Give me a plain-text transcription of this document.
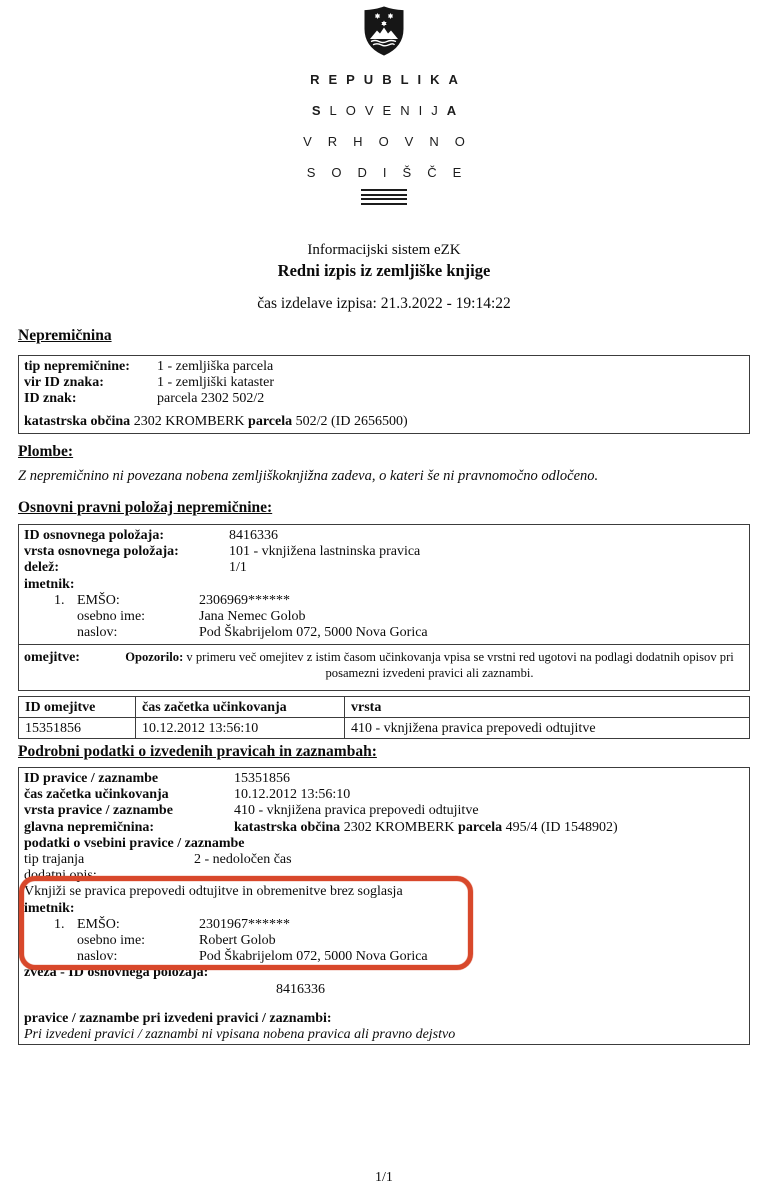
REPUBLIKA
SLOVENIJA
VRHOVNO
SODIŠČE
Informacijski sistem eZK
Redni izpis iz zemljiške knjige
čas izdelave izpisa: 21.3.2022 - 19:14:22
Nepremičnina
tip nepremičnine:	1 - zemljiška parcela
vir ID znaka:	1 - zemljiški kataster
ID znak:	parcela 2302 502/2
katastrska občina 2302 KROMBERK parcela 502/2 (ID 2656500)
Plombe:
Z nepremičnino ni povezana nobena zemljiškoknjižna zadeva, o kateri še ni pravnomočno odločeno.
Osnovni pravni položaj nepremičnine:
ID osnovnega položaja:	8416336
vrsta osnovnega položaja:	101 - vknjižena lastninska pravica
delež:	1/1
imetnik:
1. EMŠO:	2306969******
osebno ime:	Jana Nemec Golob
naslov:	Pod Škabrijelom 072, 5000 Nova Gorica
omejitve:	Opozorilo: v primeru več omejitev z istim časom učinkovanja vpisa se vrstni red ugotovi na podlagi dodatnih opisov pri posamezni izvedeni pravici ali zaznambi.
ID omejitve	čas začetka učinkovanja	vrsta
15351856	10.12.2012 13:56:10	410 - vknjižena pravica prepovedi odtujitve
Podrobni podatki o izvedenih pravicah in zaznambah:
ID pravice / zaznambe	15351856
čas začetka učinkovanja	10.12.2012 13:56:10
vrsta pravice / zaznambe	410 - vknjižena pravica prepovedi odtujitve
glavna nepremičnina:	katastrska občina 2302 KROMBERK parcela 495/4 (ID 1548902)
podatki o vsebini pravice / zaznambe
tip trajanja	2 - nedoločen čas
dodatni opis:
Vknjiži se pravica prepovedi odtujitve in obremenitve brez soglasja
imetnik:
1. EMŠO:	2301967******
osebno ime:	Robert Golob
naslov:	Pod Škabrijelom 072, 5000 Nova Gorica
zveza - ID osnovnega položaja:
8416336
pravice / zaznambe pri izvedeni pravici / zaznambi:
Pri izvedeni pravici / zaznambi ni vpisana nobena pravica ali pravno dejstvo
1/1
